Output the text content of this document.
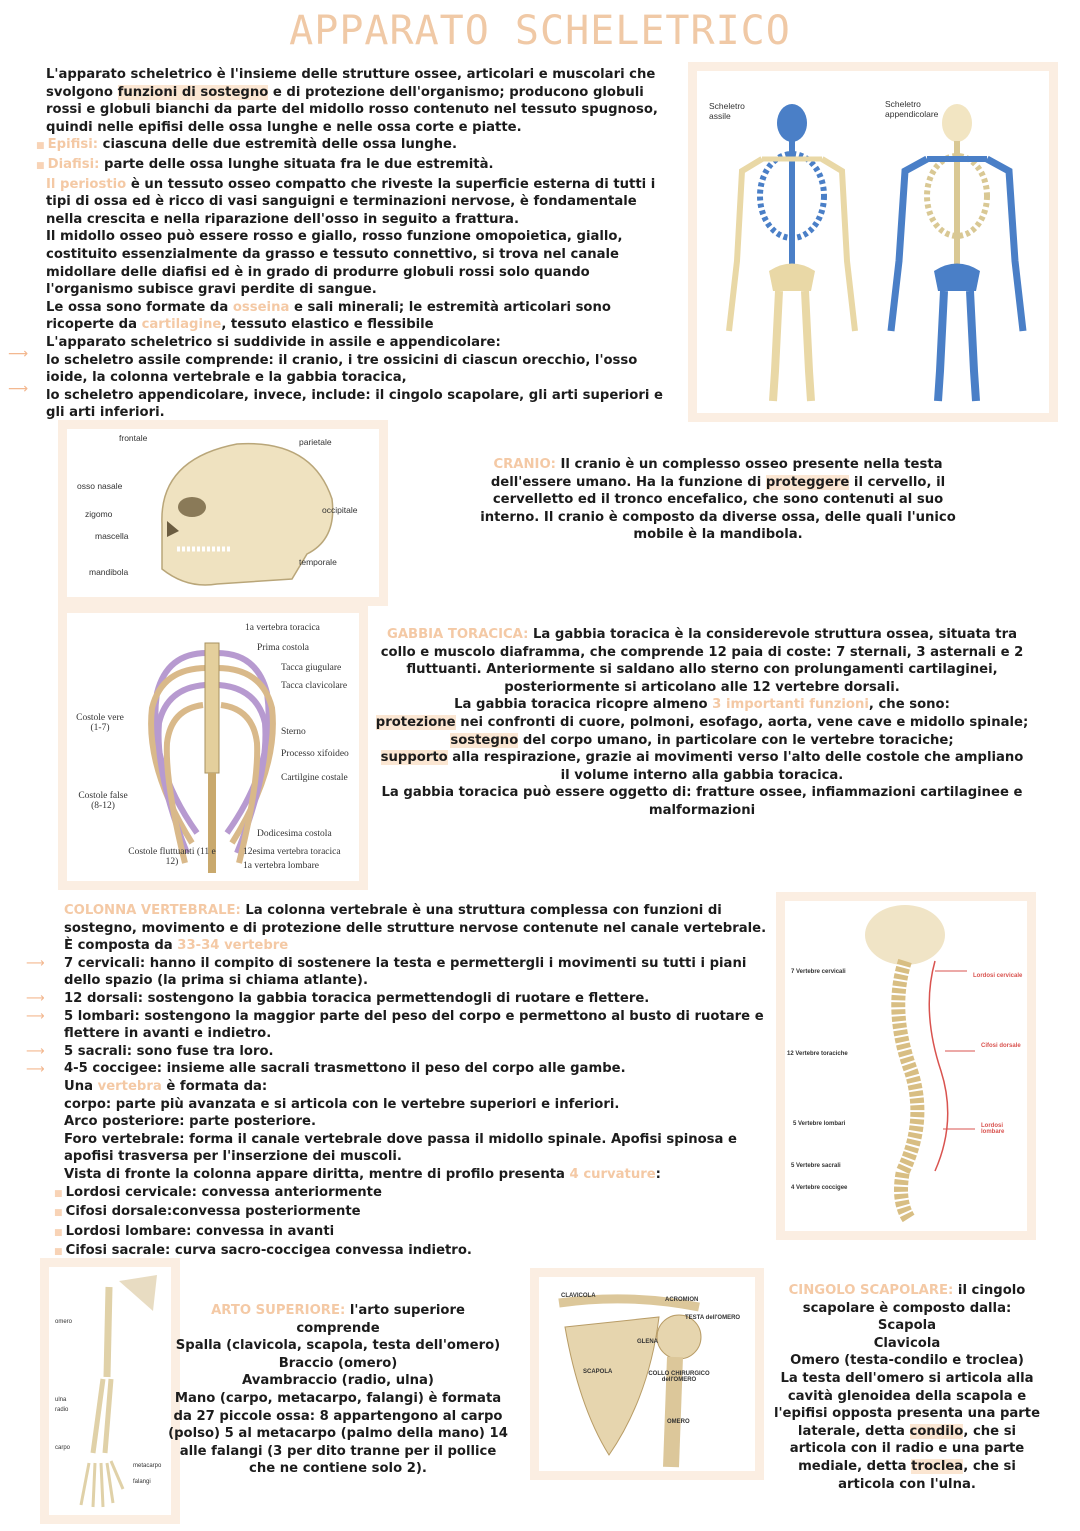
APPARATO SCHELETRICO

L'apparato scheletrico è l'insieme delle strutture ossee, articolari e muscolari che svolgono funzioni di sostegno e di protezione dell'organismo; producono globuli rossi e globuli bianchi da parte del midollo rosso contenuto nel tessuto spugnoso, quindi nelle epifisi delle ossa lunghe e nelle ossa corte e piatte.

■ Epifisi: ciascuna delle due estremità delle ossa lunghe.

■ Diafisi: parte delle ossa lunghe situata fra le due estremità.

Il periostio è un tessuto osseo compatto che riveste la superficie esterna di tutti i tipi di ossa ed è ricco di vasi sanguigni e terminazioni nervose, è fondamentale nella crescita e nella riparazione dell'osso in seguito a frattura.

Il midollo osseo può essere rosso e giallo, rosso funzione omopoietica, giallo, costituito essenzialmente da grasso e tessuto connettivo, si trova nel canale midollare delle diafisi ed è in grado di produrre globuli rossi solo quando l'organismo subisce gravi perdite di sangue.

Le ossa sono formate da osseina e sali minerali; le estremità articolari sono ricoperte da cartilagine, tessuto elastico e flessibile

L'apparato scheletrico si suddivide in assile e appendicolare:

lo scheletro assile comprende: il cranio, i tre ossicini di ciascun orecchio, l'osso ioide, la colonna vertebrale e la gabbia toracica,

lo scheletro appendicolare, invece, include: il cingolo scapolare, gli arti superiori e gli arti inferiori.

⟶
⟶
Scheletro assile
Scheletro appendicolare
frontale	parietale
osso nasale
occipitale
zigomo
mascella
temporale
mandibola

CRANIO: Il cranio è un complesso osseo presente nella testa dell'essere umano. Ha la funzione di proteggere il cervello, il cervelletto ed il tronco encefalico, che sono contenuti al suo interno. Il cranio è composto da diverse ossa, delle quali l'unico mobile è la mandibola.

1a vertebra toracica
Prima costola
Tacca giugulare
Tacca clavicolare
Sterno
Processo xifoideo
Cartilgine costale
Dodicesima costola
12esima vertebra toracica
1a vertebra lombare
Costole vere (1-7)
Costole false (8-12)
Costole fluttuanti (11 e 12)

GABBIA TORACICA: La gabbia toracica è la considerevole struttura ossea, situata tra collo e muscolo diaframma, che comprende 12 paia di coste: 7 sternali, 3 asternali e 2 fluttuanti. Anteriormente si saldano allo sterno con prolungamenti cartilaginei, posteriormente si articolano alle 12 vertebre dorsali.

La gabbia toracica ricopre almeno 3 importanti funzioni, che sono:

protezione nei confronti di cuore, polmoni, esofago, aorta, vene cave e midollo spinale;

sostegno del corpo umano, in particolare con le vertebre toraciche;

supporto alla respirazione, grazie ai movimenti verso l'alto delle costole che ampliano il volume interno alla gabbia toracica.

La gabbia toracica può essere oggetto di: fratture ossee, infiammazioni cartilaginee e malformazioni

COLONNA VERTEBRALE: La colonna vertebrale è una struttura complessa con funzioni di sostegno, movimento e di protezione delle strutture nervose contenute nel canale vertebrale.

È composta da 33-34 vertebre

7 cervicali: hanno il compito di sostenere la testa e permettergli i movimenti su tutti i piani dello spazio (la prima si chiama atlante).

12 dorsali: sostengono la gabbia toracica permettendogli di ruotare e flettere.

5 lombari: sostengono la maggior parte del peso del corpo e permettono al busto di ruotare e flettere in avanti e indietro.

5 sacrali: sono fuse tra loro.

4-5 coccigee: insieme alle sacrali trasmettono il peso del corpo alle gambe.

Una vertebra è formata da:

corpo: parte più avanzata e si articola con le vertebre superiori e inferiori.

Arco posteriore: parte posteriore.

Foro vertebrale: forma il canale vertebrale dove passa il midollo spinale. Apofisi spinosa e apofisi trasversa per l'inserzione dei muscoli.

Vista di fronte la colonna appare diritta, mentre di profilo presenta 4 curvature:

■ Lordosi cervicale: convessa anteriormente

■ Cifosi dorsale:convessa posteriormente

■ Lordosi lombare: convessa in avanti

■ Cifosi sacrale: curva sacro-coccigea convessa indietro.

⟶

⟶
⟶

⟶
⟶
7 Vertebre cervicali
12 Vertebre toraciche
5 Vertebre lombari
5 Vertebre sacrali
4 Vertebre coccigee
Lordosi cervicale
Cifosi dorsale
Lordosi lombare
omero
ulna
radio
carpo
metacarpo
falangi

ARTO SUPERIORE: l'arto superiore comprende

Spalla (clavicola, scapola, testa dell'omero)

Braccio (omero)

Avambraccio (radio, ulna)

Mano (carpo, metacarpo, falangi) è formata da 27 piccole ossa: 8 appartengono al carpo (polso) 5 al metacarpo (palmo della mano) 14 alle falangi (3 per dito tranne per il pollice che ne contiene solo 2).

CLAVICOLA
ACROMION
TESTA dell'OMERO
GLENA
SCAPOLA	COLLO CHIRURGICO dell'OMERO
OMERO

CINGOLO SCAPOLARE: il cingolo scapolare è composto dalla:

Scapola

Clavicola

Omero (testa-condilo e troclea)

La testa dell'omero si articola alla cavità glenoidea della scapola e l'epifisi opposta presenta una parte laterale, detta condilo, che si articola con il radio e una parte mediale, detta troclea, che si articola con l'ulna.
